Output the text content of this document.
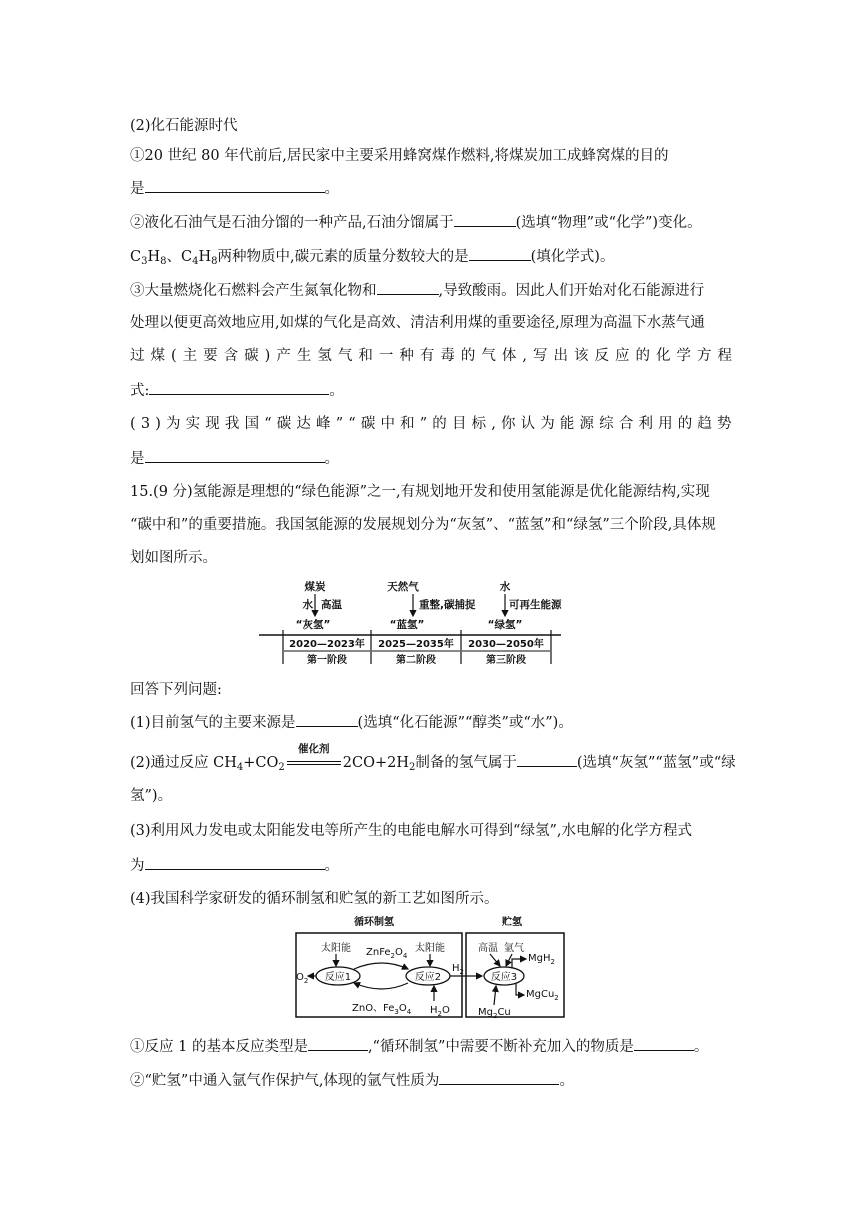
(2)化石能源时代
①20 世纪 80 年代前后,居民家中主要采用蜂窝煤作燃料,将煤炭加工成蜂窝煤的目的
是	。
②液化石油气是石油分馏的一种产品,石油分馏属于	(选填“物理”或“化学”)变化。
$C_3H_8$、$C_4H_8$两种物质中,碳元素的质量分数较大的是	(填化学式)。
③大量燃烧化石燃料会产生氮氧化物和	,导致酸雨。因此人们开始对化石能源进行
处理以便更高效地应用,如煤的气化是高效、清洁利用煤的重要途径,原理为高温下水蒸气通
过 煤 ( 主 要 含 碳 ) 产 生 氢 气 和 一 种 有 毒 的 气 体 , 写 出 该 反 应 的 化 学 方 程
式:	。
( 3 ) 为 实 现 我 国 “ 碳 达 峰 ” “ 碳 中 和 ” 的 目 标 , 你 认 为 能 源 综 合 利 用 的 趋 势
是	。
15.(9 分)氢能源是理想的“绿色能源”之一,有规划地开发和使用氢能源是优化能源结构,实现
“碳中和”的重要措施。我国氢能源的发展规划分为“灰氢”、“蓝氢”和“绿氢”三个阶段,具体规
划如图所示。
煤炭
水 高温
“灰氢”
天然气
重整,碳捕捉
“蓝氢”
水
可再生能源
“绿氢”
2020—2023年
第一阶段
2025—2035年
第二阶段
2030—2050年
第三阶段
回答下列问题:
(1)目前氢气的主要来源是	(选填“化石能源”“醇类”或“水”)。
(2)通过反应 $CH_4+CO_2$
催化剂
$2CO+2H_2$制备的氢气属于	(选填“灰氢”“蓝氢”或“绿
氢”)。
(3)利用风力发电或太阳能发电等所产生的电能电解水可得到“绿氢”,水电解的化学方程式
为	。
(4)我国科学家研发的循环制氢和贮氢的新工艺如图所示。
循环制氢	贮氢
反应1	反应2	反应3
太阳能	太阳能
$ZnFe_2O_4$
$O_2$
ZnO、$Fe_3O_4$ $H_2O$
$H_2$
高温 氩气
MgH$_2$
MgCu$_2$
$Mg_2Cu$
①反应 1 的基本反应类型是	,“循环制氢”中需要不断补充加入的物质是	。
②“贮氢”中通入氩气作保护气,体现的氩气性质为	。
